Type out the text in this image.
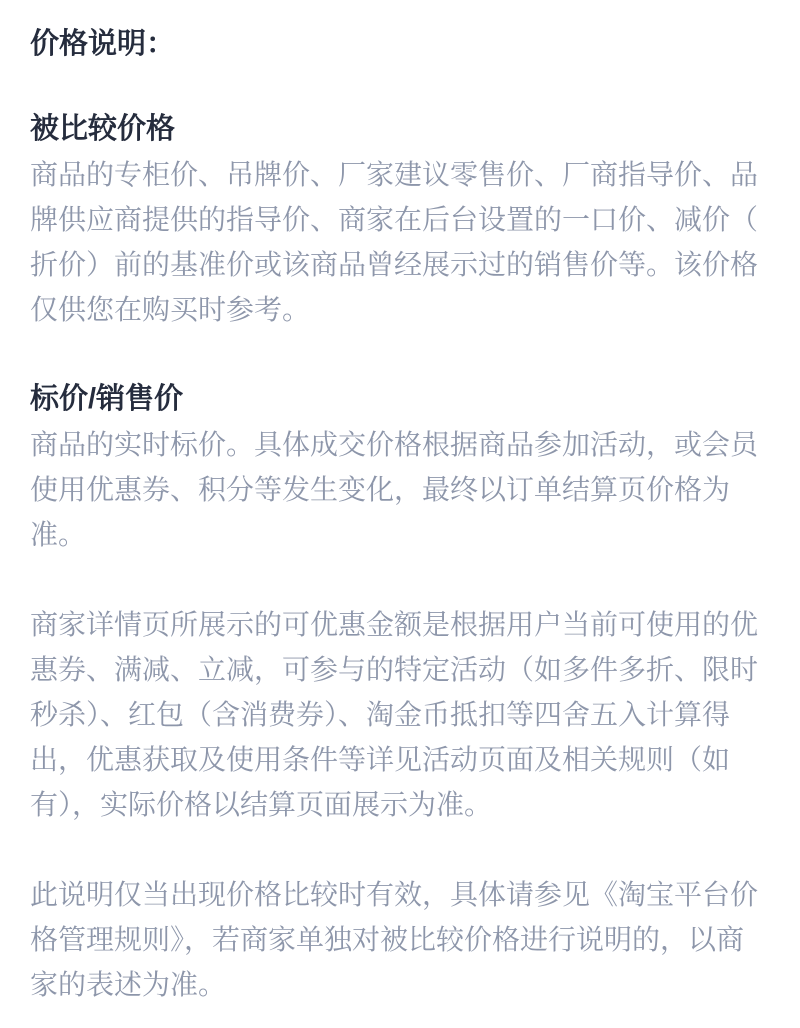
价格说明：
被比较价格
商品的专柜价、吊牌价、厂家建议零售价、厂商指导价、品
牌供应商提供的指导价、商家在后台设置的一口价、减价（
折价）前的基准价或该商品曾经展示过的销售价等。该价格
仅供您在购买时参考。
标价/销售价
商品的实时标价。具体成交价格根据商品参加活动，或会员
使用优惠券、积分等发生变化，最终以订单结算页价格为
准。
商家详情页所展示的可优惠金额是根据用户当前可使用的优
惠券、满减、立减，可参与的特定活动（如多件多折、限时
秒杀）、红包（含消费券）、淘金币抵扣等四舍五入计算得
出，优惠获取及使用条件等详见活动页面及相关规则（如
有），实际价格以结算页面展示为准。
此说明仅当出现价格比较时有效，具体请参见《淘宝平台价
格管理规则》，若商家单独对被比较价格进行说明的，以商
家的表述为准。
